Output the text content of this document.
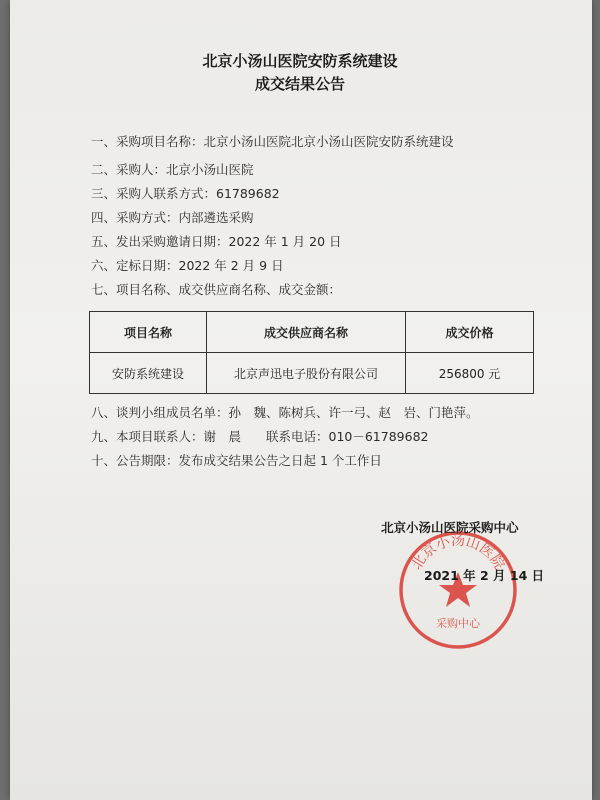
北京小汤山医院安防系统建设
成交结果公告
一、采购项目名称：北京小汤山医院北京小汤山医院安防系统建设
二、采购人：北京小汤山医院
三、采购人联系方式：61789682
四、采购方式：内部遴选采购
五、发出采购邀请日期：2022 年 1 月 20 日
六、定标日期：2022 年 2 月 9 日
七、项目名称、成交供应商名称、成交金额：
项目名称	成交供应商名称	成交价格
安防系统建设	北京声迅电子股份有限公司	256800 元
八、谈判小组成员名单：孙　魏、陈树兵、许一弓、赵　岩、门艳萍。
九、本项目联系人：谢　晨　　联系电话：010－61789682
十、公告期限：发布成交结果公告之日起 1 个工作日
北京小汤山医院
采购中心
北京小汤山医院采购中心
2021 年 2 月 14 日
